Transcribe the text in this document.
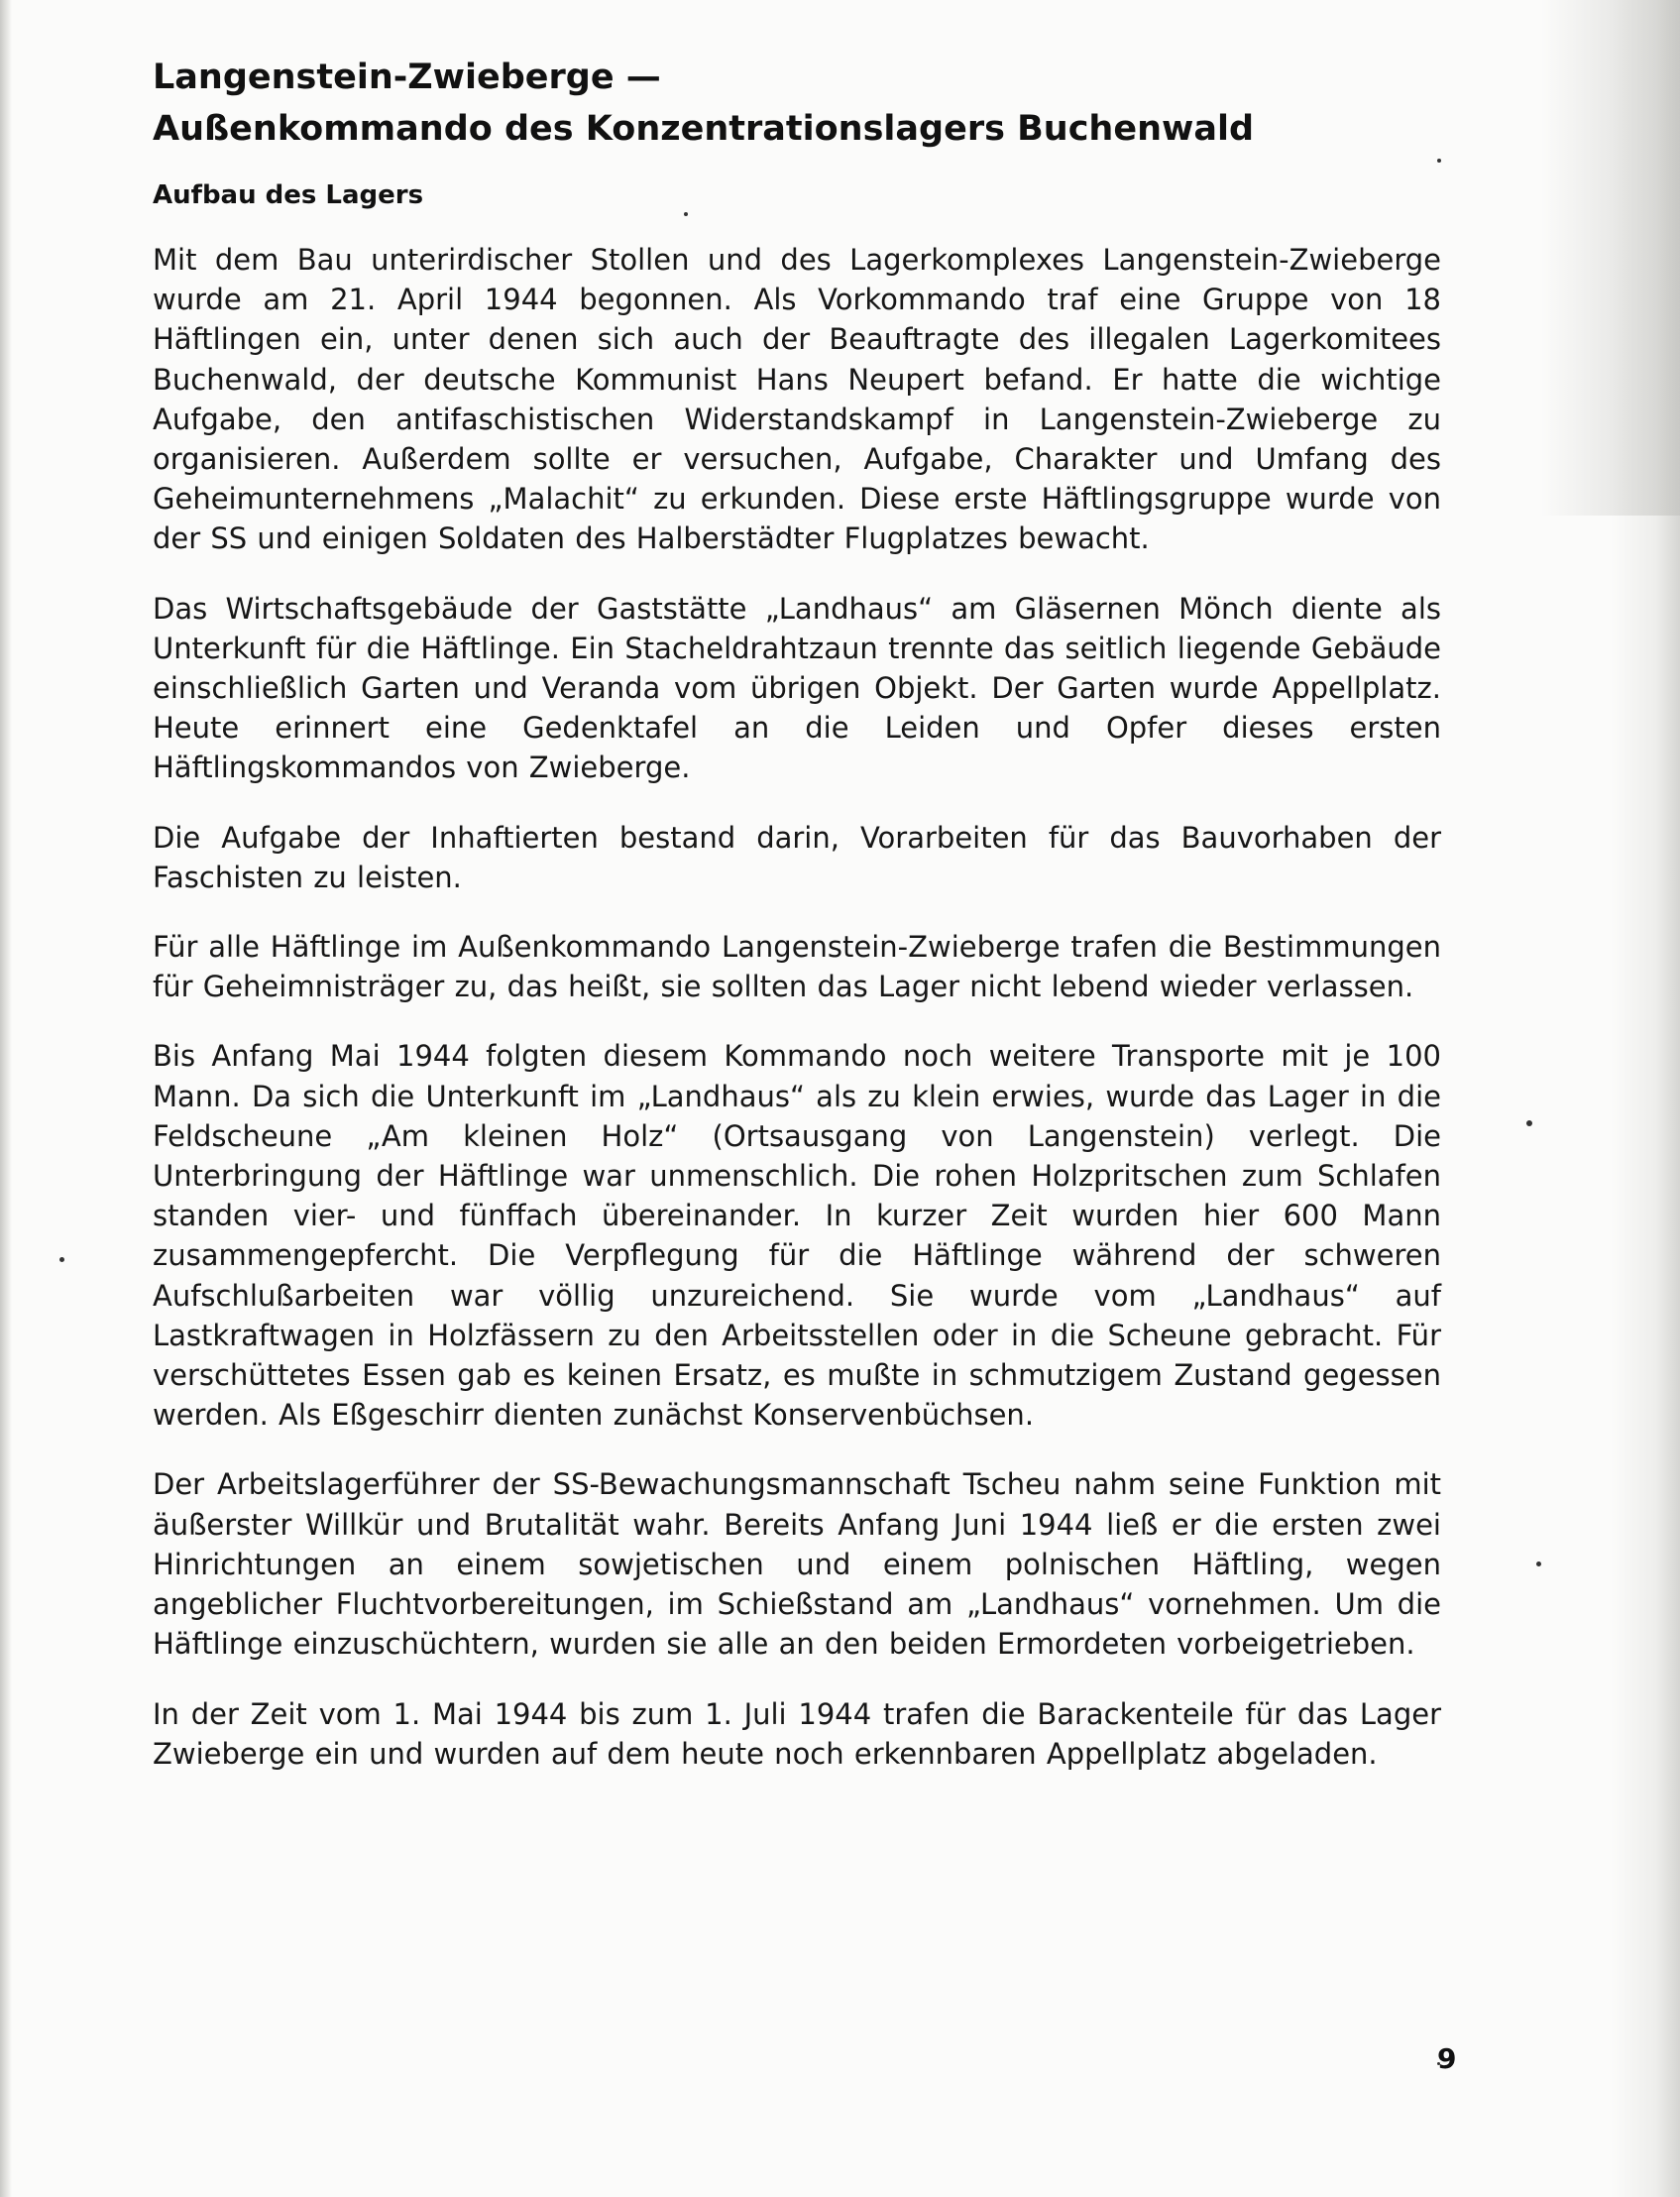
Langenstein-Zwieberge —
Außenkommando des Konzentrationslagers Buchenwald
Aufbau des Lagers

Mit dem Bau unterirdischer Stollen und des Lagerkomplexes Langenstein-Zwieberge wurde am 21. April 1944 begonnen. Als Vorkommando traf eine Gruppe von 18 Häftlingen ein, unter denen sich auch der Beauftragte des illegalen Lagerkomitees Buchenwald, der deutsche Kommunist Hans Neupert befand. Er hatte die wichtige Aufgabe, den antifaschistischen Widerstandskampf in Langenstein-Zwieberge zu organisieren. Außerdem sollte er versuchen, Aufgabe, Charakter und Umfang des Geheimunternehmens „Malachit“ zu erkunden. Diese erste Häftlingsgruppe wurde von der SS und einigen Soldaten des Halberstädter Flugplatzes bewacht.

Das Wirtschaftsgebäude der Gaststätte „Landhaus“ am Gläsernen Mönch diente als Unterkunft für die Häftlinge. Ein Stacheldrahtzaun trennte das seitlich liegende Gebäude einschließlich Garten und Veranda vom übrigen Objekt. Der Garten wurde Appellplatz. Heute erinnert eine Gedenktafel an die Leiden und Opfer dieses ersten Häftlingskommandos von Zwieberge.

Die Aufgabe der Inhaftierten bestand darin, Vorarbeiten für das Bauvorhaben der Faschisten zu leisten.

Für alle Häftlinge im Außenkommando Langenstein-Zwieberge trafen die Bestimmungen für Geheimnisträger zu, das heißt, sie sollten das Lager nicht lebend wieder verlassen.

Bis Anfang Mai 1944 folgten diesem Kommando noch weitere Transporte mit je 100 Mann. Da sich die Unterkunft im „Landhaus“ als zu klein erwies, wurde das Lager in die Feldscheune „Am kleinen Holz“ (Ortsausgang von Langenstein) verlegt. Die Unterbringung der Häftlinge war unmenschlich. Die rohen Holzpritschen zum Schlafen standen vier- und fünffach übereinander. In kurzer Zeit wurden hier 600 Mann zusammengepfercht. Die Verpflegung für die Häftlinge während der schweren Aufschlußarbeiten war völlig unzureichend. Sie wurde vom „Landhaus“ auf Lastkraftwagen in Holzfässern zu den Arbeitsstellen oder in die Scheune gebracht. Für verschüttetes Essen gab es keinen Ersatz, es mußte in schmutzigem Zustand gegessen werden. Als Eßgeschirr dienten zunächst Konservenbüchsen.

Der Arbeitslagerführer der SS-Bewachungsmannschaft Tscheu nahm seine Funktion mit äußerster Willkür und Brutalität wahr. Bereits Anfang Juni 1944 ließ er die ersten zwei Hinrichtungen an einem sowjetischen und einem polnischen Häftling, wegen angeblicher Fluchtvorbereitungen, im Schießstand am „Landhaus“ vornehmen. Um die Häftlinge einzuschüchtern, wurden sie alle an den beiden Ermordeten vorbeigetrieben.

In der Zeit vom 1. Mai 1944 bis zum 1. Juli 1944 trafen die Barackenteile für das Lager Zwieberge ein und wurden auf dem heute noch erkennbaren Appellplatz abgeladen.

9
